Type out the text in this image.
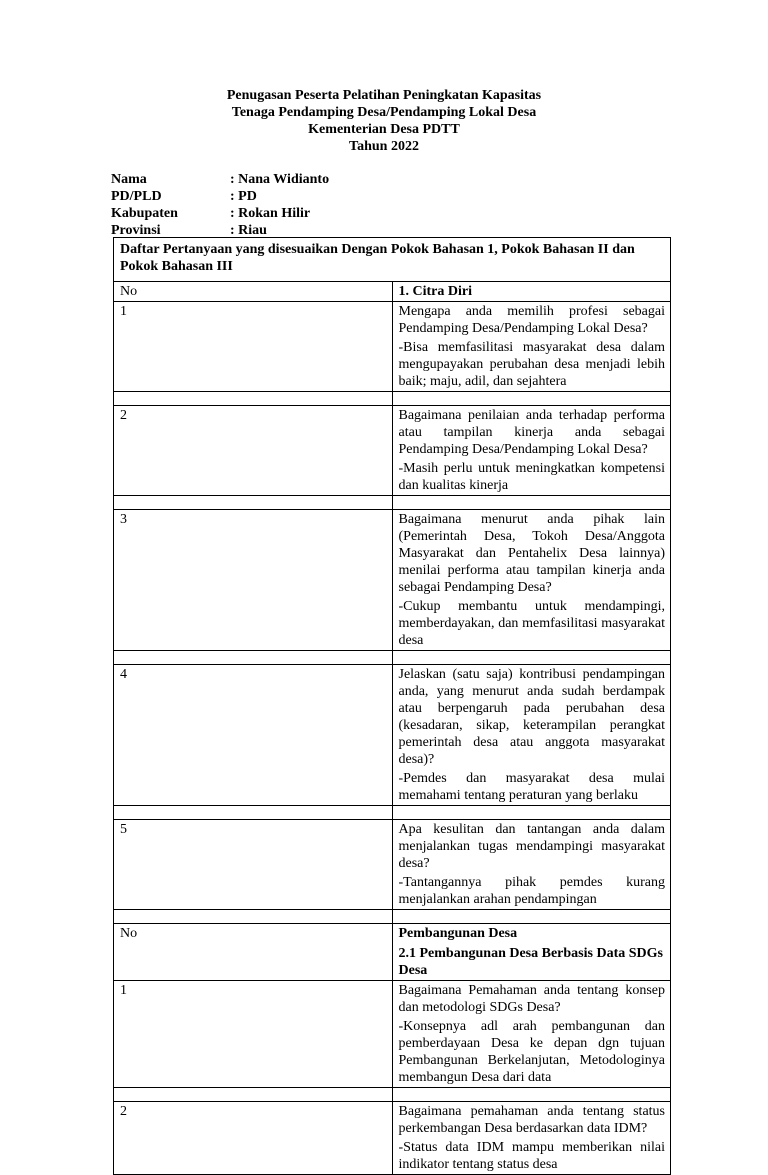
Penugasan Peserta Pelatihan Peningkatan Kapasitas
Tenaga Pendamping Desa/Pendamping Lokal Desa
Kementerian Desa PDTT
Tahun 2022
Nama	: Nana Widianto
PD/PLD	: PD
Kabupaten	: Rokan Hilir
Provinsi	: Riau
Daftar Pertanyaan yang disesuaikan Dengan Pokok Bahasan 1, Pokok Bahasan II dan Pokok Bahasan III	
No	1. Citra Diri
1	Mengapa anda memilih profesi sebagai Pendamping Desa/Pendamping Lokal Desa?
-Bisa memfasilitasi masyarakat desa dalam mengupayakan perubahan desa menjadi lebih baik; maju, adil, dan sejahtera

2	Bagaimana penilaian anda terhadap performa atau tampilan kinerja anda sebagai Pendamping Desa/Pendamping Lokal Desa?
-Masih perlu untuk meningkatkan kompetensi dan kualitas kinerja

3	Bagaimana menurut anda pihak lain (Pemerintah Desa, Tokoh Desa/Anggota Masyarakat dan Pentahelix Desa lainnya) menilai performa atau tampilan kinerja anda sebagai Pendamping Desa?
-Cukup membantu untuk mendampingi, memberdayakan, dan memfasilitasi masyarakat desa

4	Jelaskan (satu saja) kontribusi pendampingan anda, yang menurut anda sudah berdampak atau berpengaruh pada perubahan desa (kesadaran, sikap, keterampilan perangkat pemerintah desa atau anggota masyarakat desa)?
-Pemdes dan masyarakat desa mulai memahami tentang peraturan yang berlaku

5	Apa kesulitan dan tantangan anda dalam menjalankan tugas mendampingi masyarakat desa?
-Tantangannya pihak pemdes kurang menjalankan arahan pendampingan

No	Pembangunan Desa
2.1 Pembangunan Desa Berbasis Data SDGs Desa

1	Bagaimana Pemahaman anda tentang konsep dan metodologi SDGs Desa?
-Konsepnya adl arah pembangunan dan pemberdayaan Desa ke depan dgn tujuan Pembangunan Berkelanjutan, Metodologinya membangun Desa dari data

2	Bagaimana pemahaman anda tentang status perkembangan Desa berdasarkan data IDM?
-Status data IDM mampu memberikan nilai indikator tentang status desa
